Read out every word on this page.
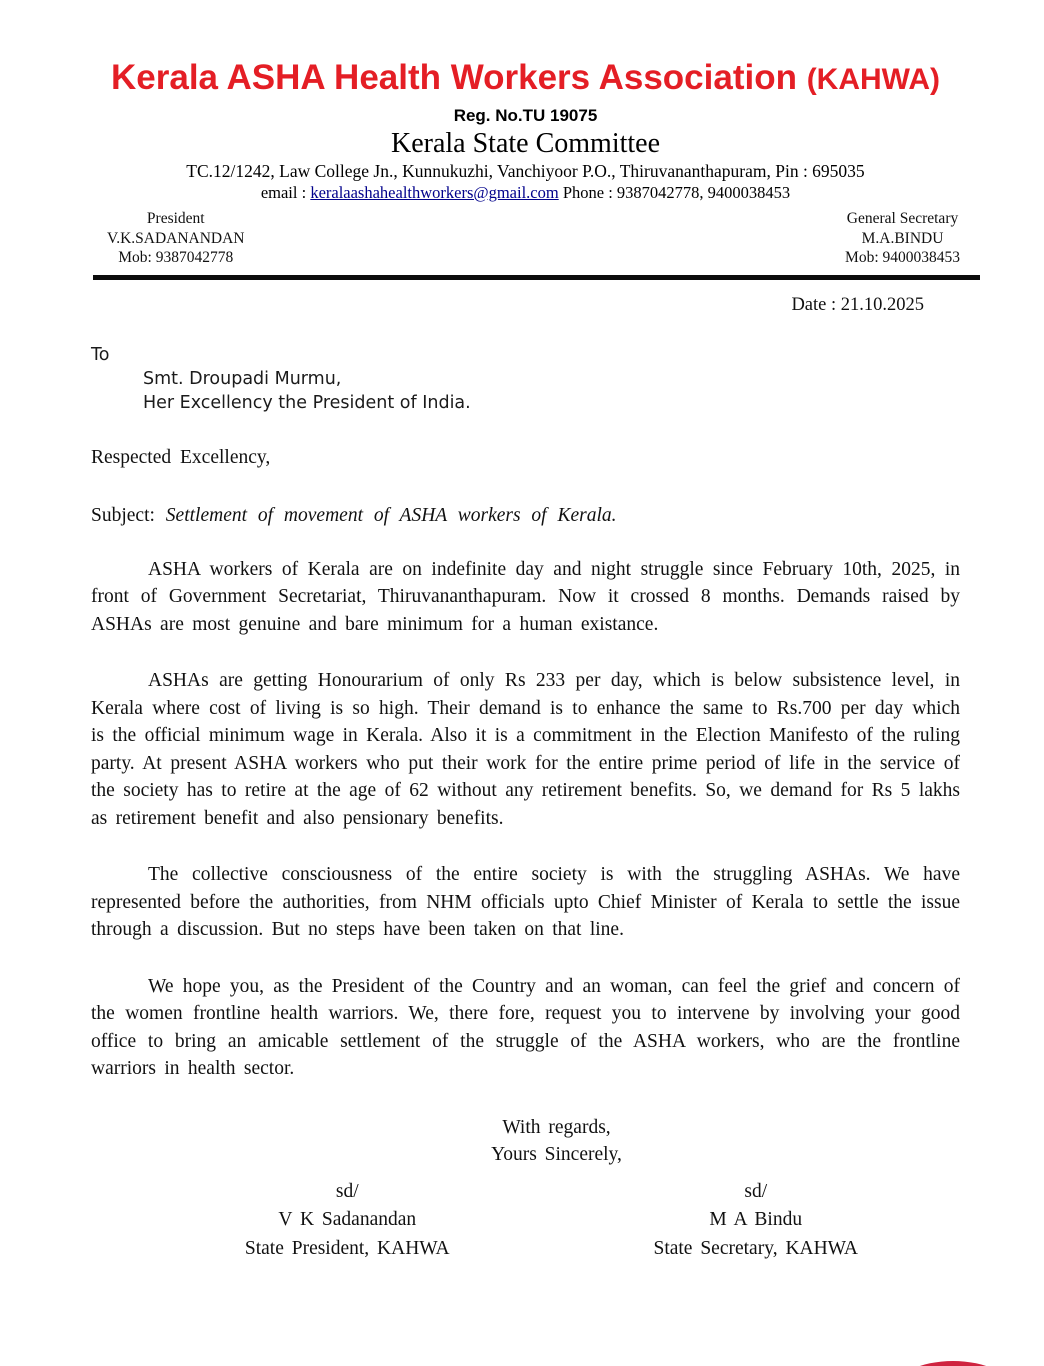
Kerala ASHA Health Workers Association (KAHWA)
Reg. No.TU 19075
Kerala State Committee
TC.12/1242, Law College Jn., Kunnukuzhi, Vanchiyoor P.O., Thiruvananthapuram, Pin : 695035
email : keralaashahealthworkers@gmail.com Phone : 9387042778, 9400038453
President
V.K.SADANANDAN
Mob: 9387042778
General Secretary
M.A.BINDU
Mob: 9400038453
Date : 21.10.2025
To
Smt. Droupadi Murmu,
Her Excellency the President of India.
Respected Excellency,
Subject: Settlement of movement of ASHA workers of Kerala.

ASHA workers of Kerala are on indefinite day and night struggle since February 10th, 2025, in front of Government Secretariat, Thiruvananthapuram. Now it crossed 8 months. Demands raised by ASHAs are most genuine and bare minimum for a human existance.

ASHAs are getting Honourarium of only Rs 233 per day, which is below subsistence level, in Kerala where cost of living is so high. Their demand is to enhance the same to Rs.700 per day which is the official minimum wage in Kerala. Also it is a commitment in the Election Manifesto of the ruling party. At present ASHA workers who put their work for the entire prime period of life in the service of the society has to retire at the age of 62 without any retirement benefits. So, we demand for Rs 5 lakhs as retirement benefit and also pensionary benefits.

The collective consciousness of the entire society is with the struggling ASHAs. We have represented before the authorities, from NHM officials upto Chief Minister of Kerala to settle the issue through a discussion. But no steps have been taken on that line.

We hope you, as the President of the Country and an woman, can feel the grief and concern of the women frontline health warriors. We, there fore, request you to intervene by involving your good office to bring an amicable settlement of the struggle of the ASHA workers, who are the frontline warriors in health sector.

With regards,
Yours Sincerely,
sd/
V K Sadanandan
State President, KAHWA
sd/
M A Bindu
State Secretary, KAHWA
